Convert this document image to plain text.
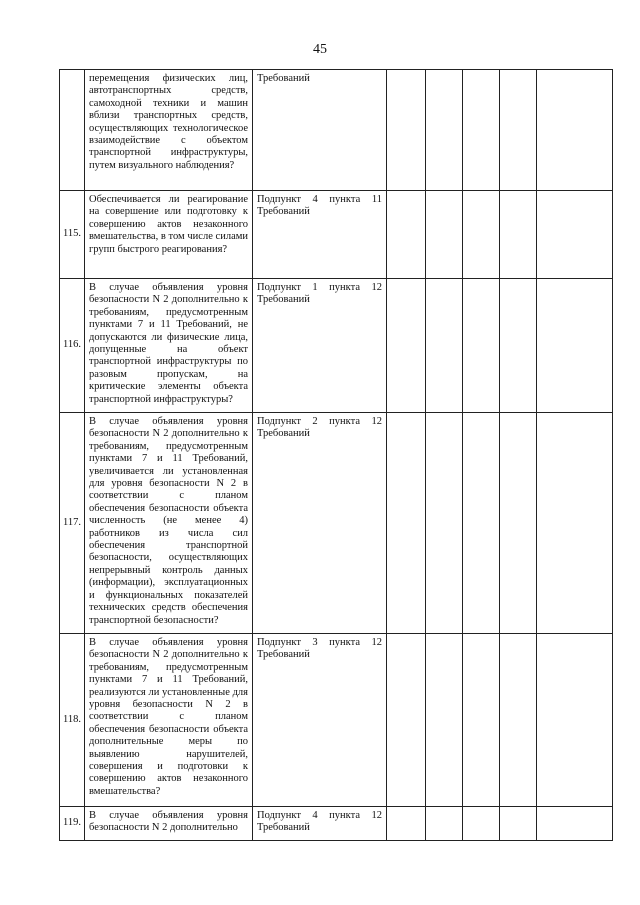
45
	перемещения физических лиц, автотранспортных средств, самоходной техники и машин вблизи транспортных средств, осуществляющих технологическое взаимодействие с объектом транспортной инфраструктуры, путем визуального наблюдения?	Требований					
115.	Обеспечивается ли реагирование на совершение или подготовку к совершению актов незаконного вмешательства, в том числе силами групп быстрого реагирования?	Подпункт 4 пункта 11 Требований					
116.	В случае объявления уровня безопасности N 2 дополнительно к требованиям, предусмотренным пунктами 7 и 11 Требований, не допускаются ли физические лица, допущенные на объект транспортной инфраструктуры по разовым пропускам, на критические элементы объекта транспортной инфраструктуры?	Подпункт 1 пункта 12 Требований					
117.	В случае объявления уровня безопасности N 2 дополнительно к требованиям, предусмотренным пунктами 7 и 11 Требований, увеличивается ли установленная для уровня безопасности N 2 в соответствии с планом обеспечения безопасности объекта численность (не менее 4) работников из числа сил обеспечения транспортной безопасности, осуществляющих непрерывный контроль данных (информации), эксплуатационных и функциональных показателей технических средств обеспечения транспортной безопасности?	Подпункт 2 пункта 12 Требований					
118.	В случае объявления уровня безопасности N 2 дополнительно к требованиям, предусмотренным пунктами 7 и 11 Требований, реализуются ли установленные для уровня безопасности N 2 в соответствии с планом обеспечения безопасности объекта дополнительные меры по выявлению нарушителей, совершения и подготовки к совершению актов незаконного вмешательства?	Подпункт 3 пункта 12 Требований					
119.	В случае объявления уровня безопасности N 2 дополнительно	Подпункт 4 пункта 12 Требований					
